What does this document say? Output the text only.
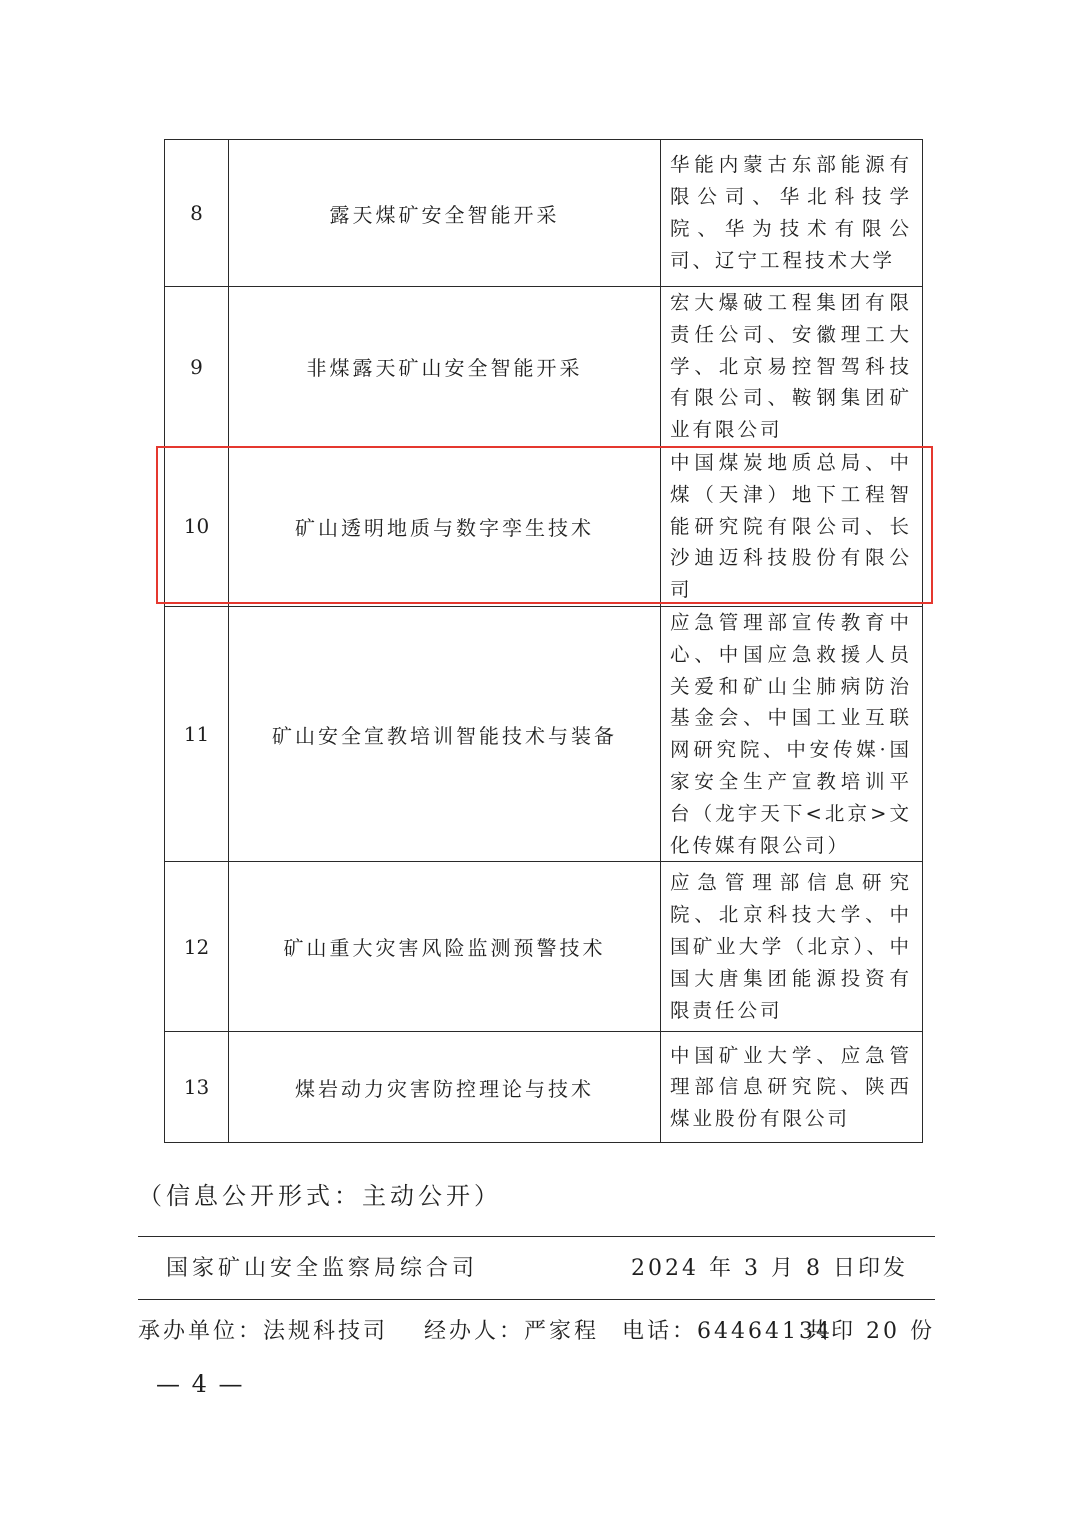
8	露天煤矿安全智能开采	华能内蒙古东部能源有限公司、华北科技学院、华为技术有限公司、辽宁工程技术大学
9	非煤露天矿山安全智能开采	宏大爆破工程集团有限责任公司、安徽理工大学、北京易控智驾科技有限公司、鞍钢集团矿业有限公司
10	矿山透明地质与数字孪生技术	中国煤炭地质总局、中煤（天津）地下工程智能研究院有限公司、长沙迪迈科技股份有限公司
11	矿山安全宣教培训智能技术与装备	应急管理部宣传教育中心、中国应急救援人员关爱和矿山尘肺病防治基金会、中国工业互联网研究院、中安传媒·国家安全生产宣教培训平台（龙宇天下<北京>文化传媒有限公司）
12	矿山重大灾害风险监测预警技术	应急管理部信息研究院、北京科技大学、中国矿业大学（北京）、中国大唐集团能源投资有限责任公司
13	煤岩动力灾害防控理论与技术	中国矿业大学、应急管理部信息研究院、陕西煤业股份有限公司
（信息公开形式：主动公开）
国家矿山安全监察局综合司	2024 年 3 月 8 日印发
承办单位：法规科技司 经办人：严家程 电话：64464134
共印 20 份
— 4 —
